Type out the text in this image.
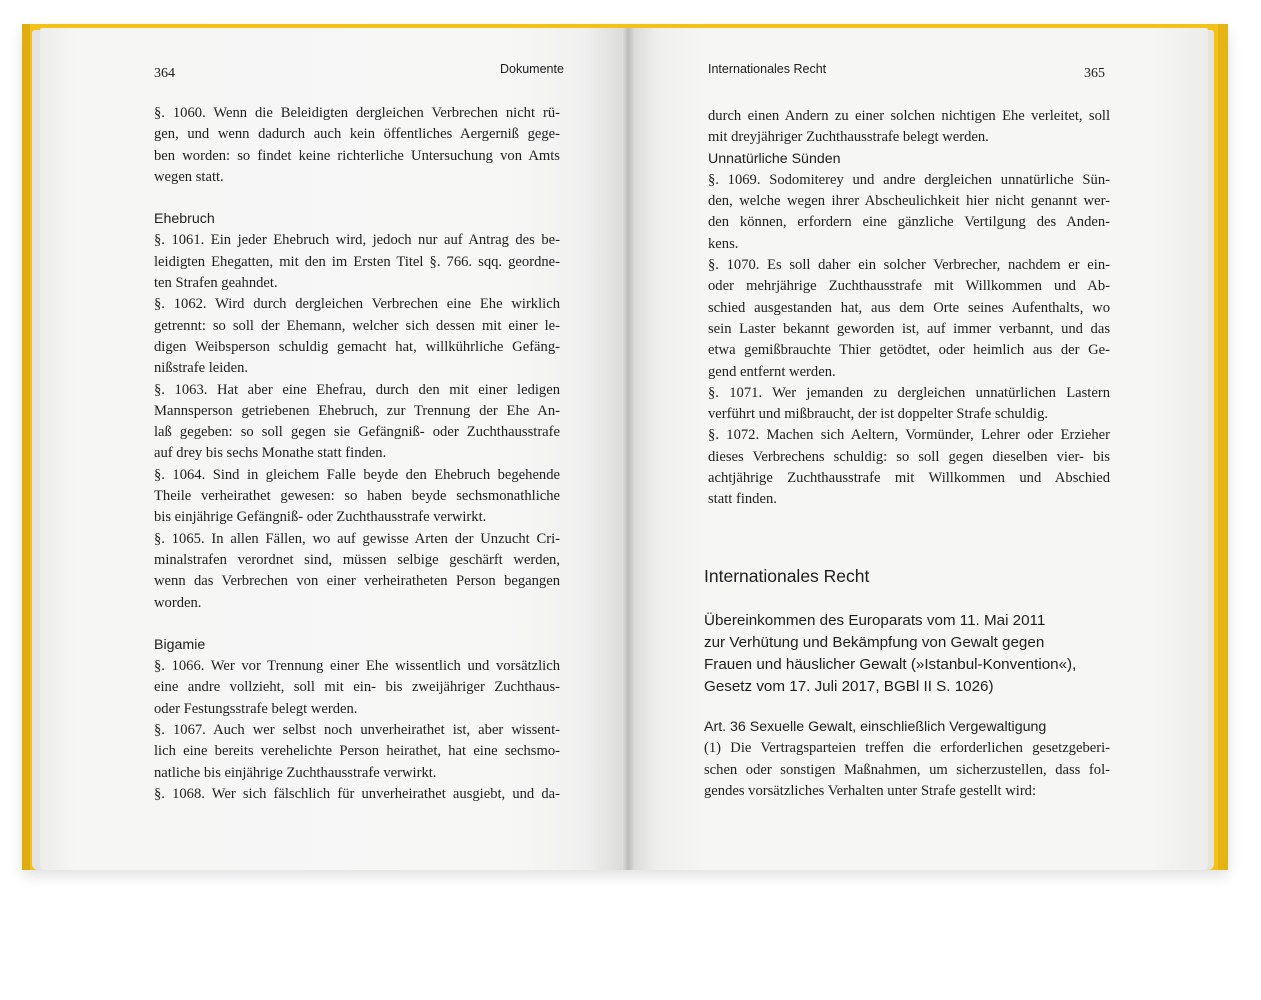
364	Dokumente
§. 1060. Wenn die Beleidigten dergleichen Verbrechen nicht rü-
gen, und wenn dadurch auch kein öffentliches Aergerniß gege-
ben worden: so findet keine richterliche Untersuchung von Amts
wegen statt.
Ehebruch
§. 1061. Ein jeder Ehebruch wird, jedoch nur auf Antrag des be-
leidigten Ehegatten, mit den im Ersten Titel §. 766. sqq. geordne-
ten Strafen geahndet.
§. 1062. Wird durch dergleichen Verbrechen eine Ehe wirklich
getrennt: so soll der Ehemann, welcher sich dessen mit einer le-
digen Weibsperson schuldig gemacht hat, willkührliche Gefäng-
nißstrafe leiden.
§. 1063. Hat aber eine Ehefrau, durch den mit einer ledigen
Mannsperson getriebenen Ehebruch, zur Trennung der Ehe An-
laß gegeben: so soll gegen sie Gefängniß- oder Zuchthausstrafe
auf drey bis sechs Monathe statt finden.
§. 1064. Sind in gleichem Falle beyde den Ehebruch begehende
Theile verheirathet gewesen: so haben beyde sechsmonathliche
bis einjährige Gefängniß- oder Zuchthausstrafe verwirkt.
§. 1065. In allen Fällen, wo auf gewisse Arten der Unzucht Cri-
minalstrafen verordnet sind, müssen selbige geschärft werden,
wenn das Verbrechen von einer verheiratheten Person begangen
worden.
Bigamie
§. 1066. Wer vor Trennung einer Ehe wissentlich und vorsätzlich
eine andre vollzieht, soll mit ein- bis zweijähriger Zuchthaus-
oder Festungsstrafe belegt werden.
§. 1067. Auch wer selbst noch unverheirathet ist, aber wissent-
lich eine bereits verehelichte Person heirathet, hat eine sechsmo-
natliche bis einjährige Zuchthausstrafe verwirkt.
§. 1068. Wer sich fälschlich für unverheirathet ausgiebt, und da-
Internationales Recht	365
durch einen Andern zu einer solchen nichtigen Ehe verleitet, soll
mit dreyjähriger Zuchthausstrafe belegt werden.
Unnatürliche Sünden
§. 1069. Sodomiterey und andre dergleichen unnatürliche Sün-
den, welche wegen ihrer Abscheulichkeit hier nicht genannt wer-
den können, erfordern eine gänzliche Vertilgung des Anden-
kens.
§. 1070. Es soll daher ein solcher Verbrecher, nachdem er ein-
oder mehrjährige Zuchthausstrafe mit Willkommen und Ab-
schied ausgestanden hat, aus dem Orte seines Aufenthalts, wo
sein Laster bekannt geworden ist, auf immer verbannt, und das
etwa gemißbrauchte Thier getödtet, oder heimlich aus der Ge-
gend entfernt werden.
§. 1071. Wer jemanden zu dergleichen unnatürlichen Lastern
verführt und mißbraucht, der ist doppelter Strafe schuldig.
§. 1072. Machen sich Aeltern, Vormünder, Lehrer oder Erzieher
dieses Verbrechens schuldig: so soll gegen dieselben vier- bis
achtjährige Zuchthausstrafe mit Willkommen und Abschied
statt finden.
Internationales Recht
Übereinkommen des Europarats vom 11. Mai 2011
zur Verhütung und Bekämpfung von Gewalt gegen
Frauen und häuslicher Gewalt (»Istanbul-Konvention«),
Gesetz vom 17. Juli 2017, BGBl II S. 1026)
Art. 36 Sexuelle Gewalt, einschließlich Vergewaltigung
(1) Die Vertragsparteien treffen die erforderlichen gesetzgeberi-
schen oder sonstigen Maßnahmen, um sicherzustellen, dass fol-
gendes vorsätzliches Verhalten unter Strafe gestellt wird:
